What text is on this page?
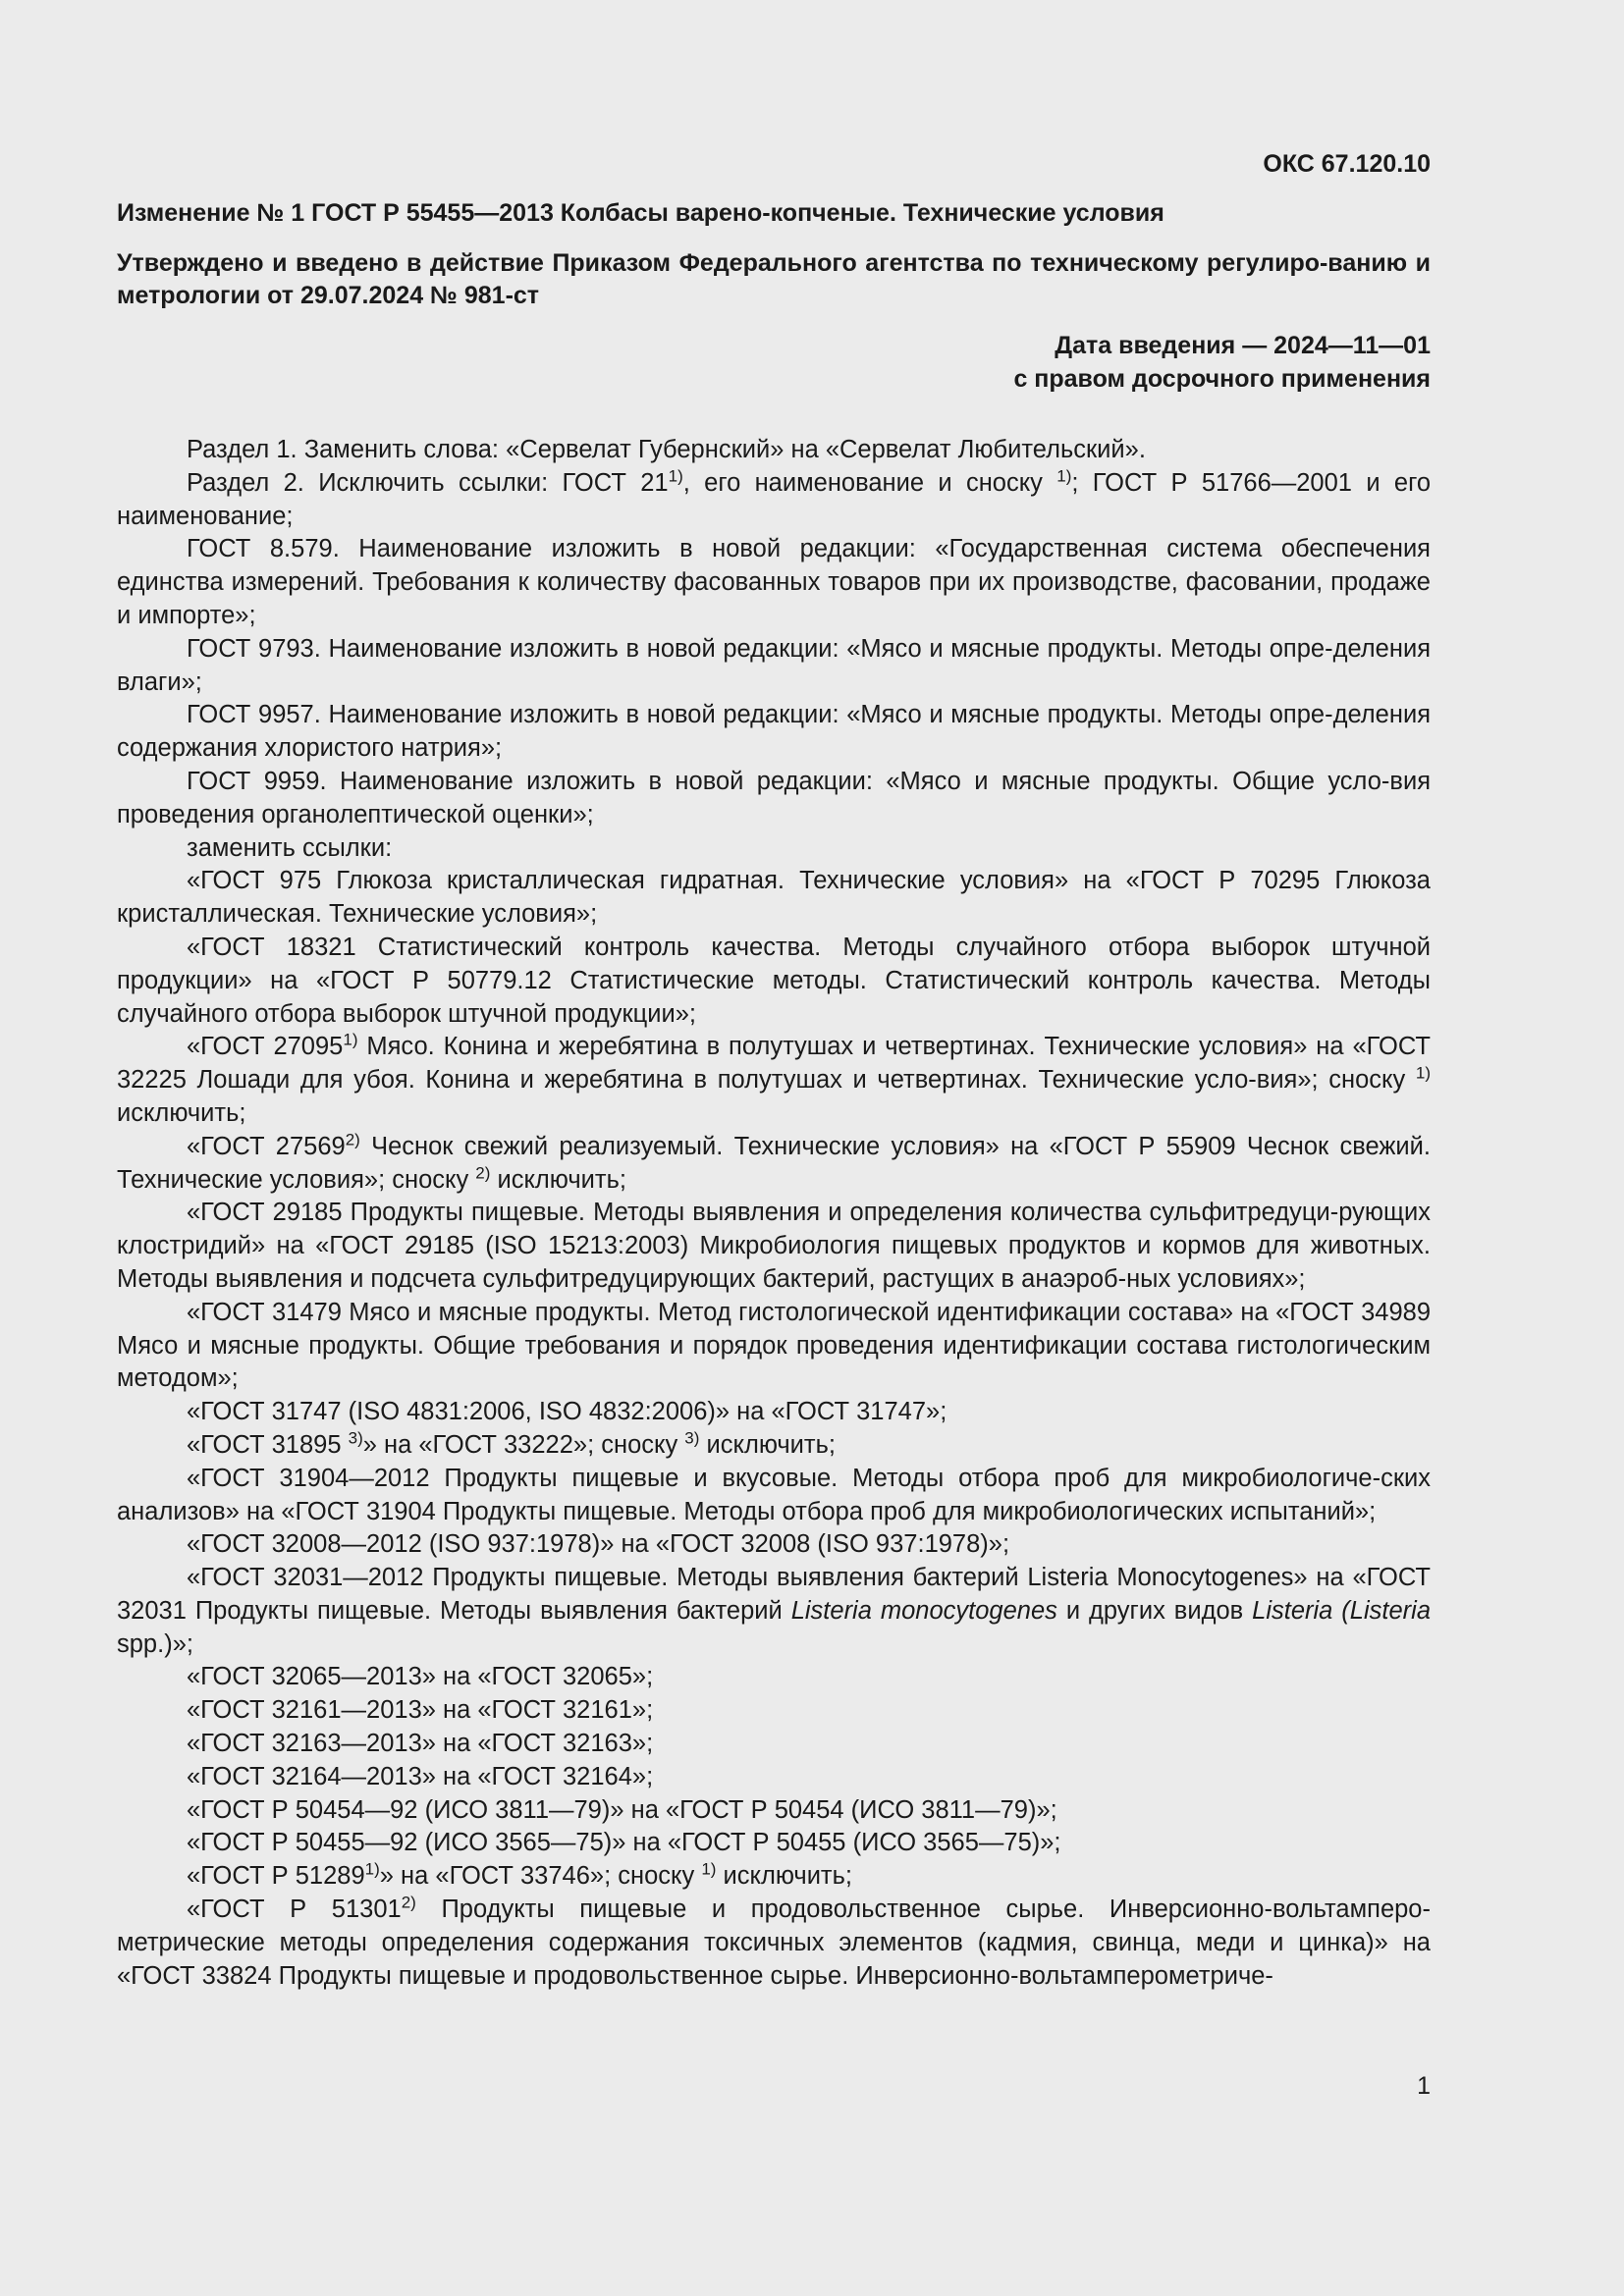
ОКС 67.120.10
Изменение № 1 ГОСТ Р 55455—2013 Колбасы варено-копченые. Технические условия
Утверждено и введено в действие Приказом Федерального агентства по техническому регулиро-ванию и метрологии от 29.07.2024 № 981-ст
Дата введения — 2024—11—01
с правом досрочного применения

Раздел 1. Заменить слова: «Сервелат Губернский» на «Сервелат Любительский».

Раздел 2. Исключить ссылки: ГОСТ 21$^{1)}$, его наименование и сноску $^{1)}$; ГОСТ Р 51766—2001 и его наименование;

ГОСТ 8.579. Наименование изложить в новой редакции: «Государственная система обеспечения единства измерений. Требования к количеству фасованных товаров при их производстве, фасовании, продаже и импорте»;

ГОСТ 9793. Наименование изложить в новой редакции: «Мясо и мясные продукты. Методы опре-деления влаги»;

ГОСТ 9957. Наименование изложить в новой редакции: «Мясо и мясные продукты. Методы опре-деления содержания хлористого натрия»;

ГОСТ 9959. Наименование изложить в новой редакции: «Мясо и мясные продукты. Общие усло-вия проведения органолептической оценки»;

заменить ссылки:

«ГОСТ 975 Глюкоза кристаллическая гидратная. Технические условия» на «ГОСТ Р 70295 Глюкоза кристаллическая. Технические условия»;

«ГОСТ 18321 Статистический контроль качества. Методы случайного отбора выборок штучной продукции» на «ГОСТ Р 50779.12 Статистические методы. Статистический контроль качества. Методы случайного отбора выборок штучной продукции»;

«ГОСТ 27095$^{1)}$ Мясо. Конина и жеребятина в полутушах и четвертинах. Технические условия» на «ГОСТ 32225 Лошади для убоя. Конина и жеребятина в полутушах и четвертинах. Технические усло-вия»; сноску $^{1)}$ исключить;

«ГОСТ 27569$^{2)}$ Чеснок свежий реализуемый. Технические условия» на «ГОСТ Р 55909 Чеснок свежий. Технические условия»; сноску $^{2)}$ исключить;

«ГОСТ 29185 Продукты пищевые. Методы выявления и определения количества сульфитредуци-рующих клостридий» на «ГОСТ 29185 (ISO 15213:2003) Микробиология пищевых продуктов и кормов для животных. Методы выявления и подсчета сульфитредуцирующих бактерий, растущих в анаэроб-ных условиях»;

«ГОСТ 31479 Мясо и мясные продукты. Метод гистологической идентификации состава» на «ГОСТ 34989 Мясо и мясные продукты. Общие требования и порядок проведения идентификации состава гистологическим методом»;

«ГОСТ 31747 (ISO 4831:2006, ISO 4832:2006)» на «ГОСТ 31747»;

«ГОСТ 31895 $^{3)}$» на «ГОСТ 33222»; сноску $^{3)}$ исключить;

«ГОСТ 31904—2012 Продукты пищевые и вкусовые. Методы отбора проб для микробиологиче-ских анализов» на «ГОСТ 31904 Продукты пищевые. Методы отбора проб для микробиологических испытаний»;

«ГОСТ 32008—2012 (ISO 937:1978)» на «ГОСТ 32008 (ISO 937:1978)»;

«ГОСТ 32031—2012 Продукты пищевые. Методы выявления бактерий Listeria Monocytogenes» на «ГОСТ 32031 Продукты пищевые. Методы выявления бактерий Listeria monocytogenes и других видов Listeria (Listeria spp.)»;

«ГОСТ 32065—2013» на «ГОСТ 32065»;

«ГОСТ 32161—2013» на «ГОСТ 32161»;

«ГОСТ 32163—2013» на «ГОСТ 32163»;

«ГОСТ 32164—2013» на «ГОСТ 32164»;

«ГОСТ Р 50454—92 (ИСО 3811—79)» на «ГОСТ Р 50454 (ИСО 3811—79)»;

«ГОСТ Р 50455—92 (ИСО 3565—75)» на «ГОСТ Р 50455 (ИСО 3565—75)»;

«ГОСТ Р 51289$^{1)}$» на «ГОСТ 33746»; сноску $^{1)}$ исключить;

«ГОСТ Р 51301$^{2)}$ Продукты пищевые и продовольственное сырье. Инверсионно-вольтамперо-метрические методы определения содержания токсичных элементов (кадмия, свинца, меди и цинка)» на «ГОСТ 33824 Продукты пищевые и продовольственное сырье. Инверсионно-вольтамперометриче-

1
